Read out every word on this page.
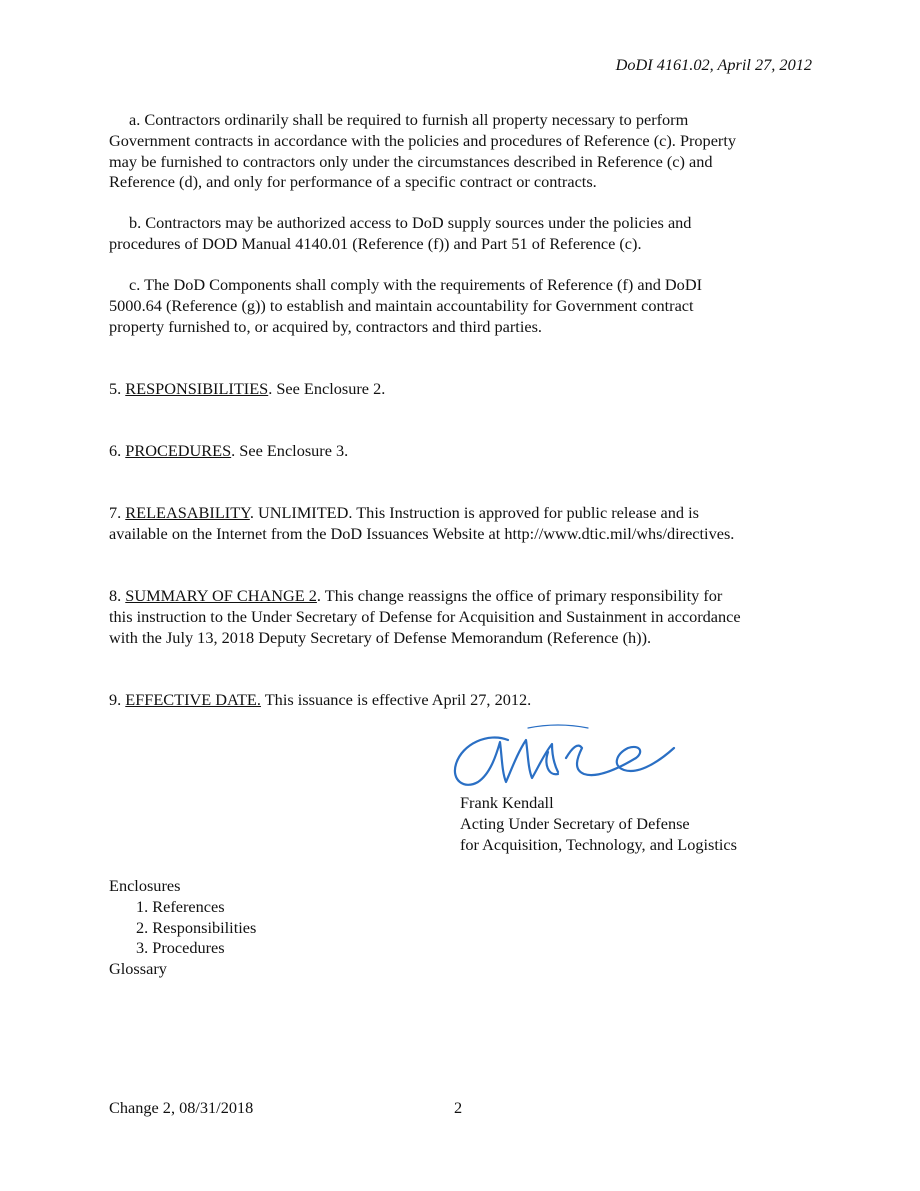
DoDI 4161.02, April 27, 2012
a. Contractors ordinarily shall be required to furnish all property necessary to perform
Government contracts in accordance with the policies and procedures of Reference (c). Property
may be furnished to contractors only under the circumstances described in Reference (c) and
Reference (d), and only for performance of a specific contract or contracts.
b. Contractors may be authorized access to DoD supply sources under the policies and
procedures of DOD Manual 4140.01 (Reference (f)) and Part 51 of Reference (c).
c. The DoD Components shall comply with the requirements of Reference (f) and DoDI
5000.64 (Reference (g)) to establish and maintain accountability for Government contract
property furnished to, or acquired by, contractors and third parties.
5. RESPONSIBILITIES. See Enclosure 2.
6. PROCEDURES. See Enclosure 3.
7. RELEASABILITY. UNLIMITED. This Instruction is approved for public release and is
available on the Internet from the DoD Issuances Website at http://www.dtic.mil/whs/directives.
8. SUMMARY OF CHANGE 2. This change reassigns the office of primary responsibility for
this instruction to the Under Secretary of Defense for Acquisition and Sustainment in accordance
with the July 13, 2018 Deputy Secretary of Defense Memorandum (Reference (h)).
9. EFFECTIVE DATE. This issuance is effective April 27, 2012.
Frank Kendall
Acting Under Secretary of Defense
for Acquisition, Technology, and Logistics
Enclosures
1. References
2. Responsibilities
3. Procedures
Glossary
Change 2, 08/31/2018	2
